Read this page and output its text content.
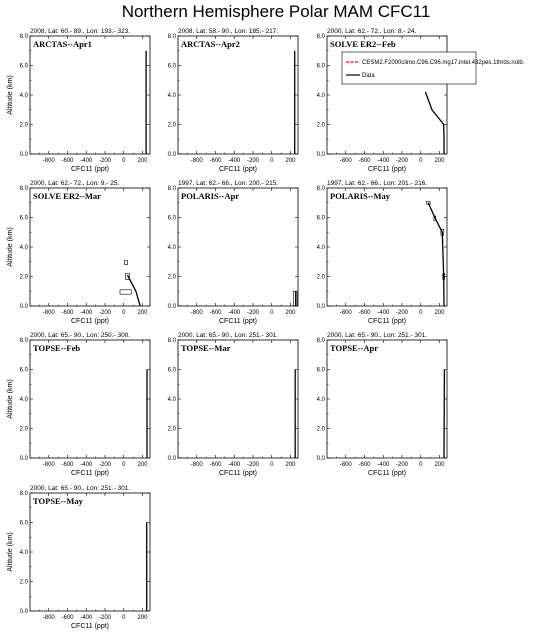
Northern Hemisphere Polar MAM CFC11
2008, Lat: 60.- 89., Lon: 193.- 323.
ARCTAS--Apr1
-800 -600 -400 -200 0 200
0.0
2.0
4.0
6.0
8.0
CFC11 (ppt)
Altitude (km)
2008, Lat: 58.- 90., Lon: 185.- 217.
ARCTAS--Apr2
-800 -600 -400 -200 0 200
0.0
2.0
4.0
6.0
8.0
CFC11 (ppt)
2000, Lat: 62.- 72., Lon: 8.- 24.
SOLVE ER2--Feb
-800 -600 -400 -200 0 200
0.0
2.0
4.0
6.0
8.0
CFC11 (ppt)
2000, Lat: 62.- 72., Lon: 9.- 25.
SOLVE ER2--Mar
-800 -600 -400 -200 0 200
0.0
2.0
4.0
6.0
8.0
CFC11 (ppt)
Altitude (km)
1997, Lat: 62.- 66., Lon: 200.- 215.
POLARIS--Apr
-800 -600 -400 -200 0 200
0.0
2.0
4.0
6.0
8.0
CFC11 (ppt)
1997, Lat: 62.- 66., Lon: 201.- 216.
POLARIS--May
-800 -600 -400 -200 0 200
0.0
2.0
4.0
6.0
8.0
CFC11 (ppt)
2000, Lat: 65.- 90., Lon: 250.- 300.
TOPSE--Feb
-800 -600 -400 -200 0 200
0.0
2.0
4.0
6.0
8.0
CFC11 (ppt)
Altitude (km)
2000, Lat: 65.- 90., Lon: 251.- 301.
TOPSE--Mar
-800 -600 -400 -200 0 200
0.0
2.0
4.0
6.0
8.0
CFC11 (ppt)
2000, Lat: 65.- 90., Lon: 251.- 301.
TOPSE--Apr
-800 -600 -400 -200 0 200
0.0
2.0
4.0
6.0
8.0
CFC11 (ppt)
2000, Lat: 65.- 90., Lon: 251.- 301.
TOPSE--May
-800 -600 -400 -200 0 200
0.0
2.0
4.0
6.0
8.0
CFC11 (ppt)
Altitude (km)
CESM2.F2000climo.C96.C96.mg17.intel.432pes.1thrds.nolb.
Data
